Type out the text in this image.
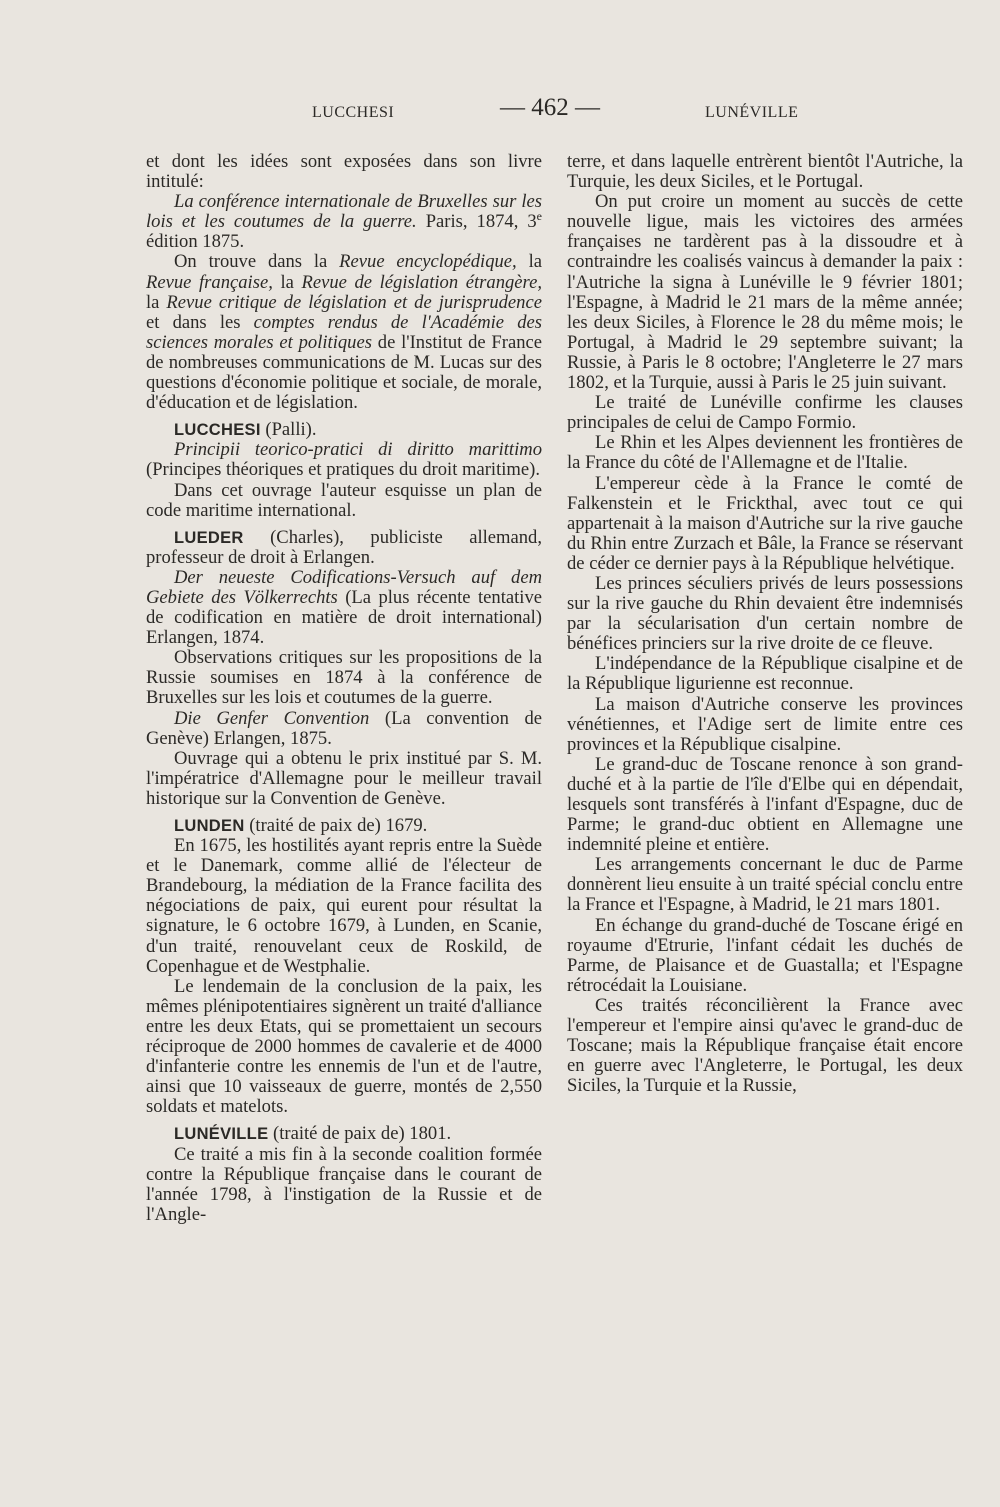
LUCCHESI	— 462 —	LUNÉVILLE

et dont les idées sont exposées dans son livre intitulé:

La conférence internationale de Bruxelles sur les lois et les coutumes de la guerre. Paris, 1874, 3e édition 1875.

On trouve dans la Revue encyclopédique, la Revue française, la Revue de législation étrangère, la Revue critique de législation et de jurisprudence et dans les comptes rendus de l'Académie des sciences morales et politiques de l'Institut de France de nombreuses communications de M. Lucas sur des questions d'économie politique et sociale, de morale, d'éducation et de législation.

LUCCHESI (Palli).

Principii teorico-pratici di diritto marittimo (Principes théoriques et pratiques du droit maritime).

Dans cet ouvrage l'auteur esquisse un plan de code maritime international.

LUEDER (Charles), publiciste allemand, professeur de droit à Erlangen.

Der neueste Codifications-Versuch auf dem Gebiete des Völkerrechts (La plus récente tentative de codification en matière de droit international) Erlangen, 1874.

Observations critiques sur les propositions de la Russie soumises en 1874 à la conférence de Bruxelles sur les lois et coutumes de la guerre.

Die Genfer Convention (La convention de Genève) Erlangen, 1875.

Ouvrage qui a obtenu le prix institué par S. M. l'impératrice d'Allemagne pour le meilleur travail historique sur la Convention de Genève.

LUNDEN (traité de paix de) 1679.

En 1675, les hostilités ayant repris entre la Suède et le Danemark, comme allié de l'électeur de Brandebourg, la médiation de la France facilita des négociations de paix, qui eurent pour résultat la signature, le 6 octobre 1679, à Lunden, en Scanie, d'un traité, renouvelant ceux de Roskild, de Copenhague et de Westphalie.

Le lendemain de la conclusion de la paix, les mêmes plénipotentiaires signèrent un traité d'alliance entre les deux Etats, qui se promettaient un secours réciproque de 2000 hommes de cavalerie et de 4000 d'infanterie contre les ennemis de l'un et de l'autre, ainsi que 10 vaisseaux de guerre, montés de 2,550 soldats et matelots.

LUNÉVILLE (traité de paix de) 1801.

Ce traité a mis fin à la seconde coalition formée contre la République française dans le courant de l'année 1798, à l'instigation de la Russie et de l'Angle-

terre, et dans laquelle entrèrent bientôt l'Autriche, la Turquie, les deux Siciles, et le Portugal.

On put croire un moment au succès de cette nouvelle ligue, mais les victoires des armées françaises ne tardèrent pas à la dissoudre et à contraindre les coalisés vaincus à demander la paix : l'Autriche la signa à Lunéville le 9 février 1801; l'Espagne, à Madrid le 21 mars de la même année; les deux Siciles, à Florence le 28 du même mois; le Portugal, à Madrid le 29 septembre suivant; la Russie, à Paris le 8 octobre; l'Angleterre le 27 mars 1802, et la Turquie, aussi à Paris le 25 juin suivant.

Le traité de Lunéville confirme les clauses principales de celui de Campo Formio.

Le Rhin et les Alpes deviennent les frontières de la France du côté de l'Allemagne et de l'Italie.

L'empereur cède à la France le comté de Falkenstein et le Frickthal, avec tout ce qui appartenait à la maison d'Autriche sur la rive gauche du Rhin entre Zurzach et Bâle, la France se réservant de céder ce dernier pays à la République helvétique.

Les princes séculiers privés de leurs possessions sur la rive gauche du Rhin devaient être indemnisés par la sécularisation d'un certain nombre de bénéfices princiers sur la rive droite de ce fleuve.

L'indépendance de la République cisalpine et de la République ligurienne est reconnue.

La maison d'Autriche conserve les provinces vénétiennes, et l'Adige sert de limite entre ces provinces et la République cisalpine.

Le grand-duc de Toscane renonce à son grand-duché et à la partie de l'île d'Elbe qui en dépendait, lesquels sont transférés à l'infant d'Espagne, duc de Parme; le grand-duc obtient en Allemagne une indemnité pleine et entière.

Les arrangements concernant le duc de Parme donnèrent lieu ensuite à un traité spécial conclu entre la France et l'Espagne, à Madrid, le 21 mars 1801.

En échange du grand-duché de Toscane érigé en royaume d'Etrurie, l'infant cédait les duchés de Parme, de Plaisance et de Guastalla; et l'Espagne rétrocédait la Louisiane.

Ces traités réconcilièrent la France avec l'empereur et l'empire ainsi qu'avec le grand-duc de Toscane; mais la République française était encore en guerre avec l'Angleterre, le Portugal, les deux Siciles, la Turquie et la Russie,
